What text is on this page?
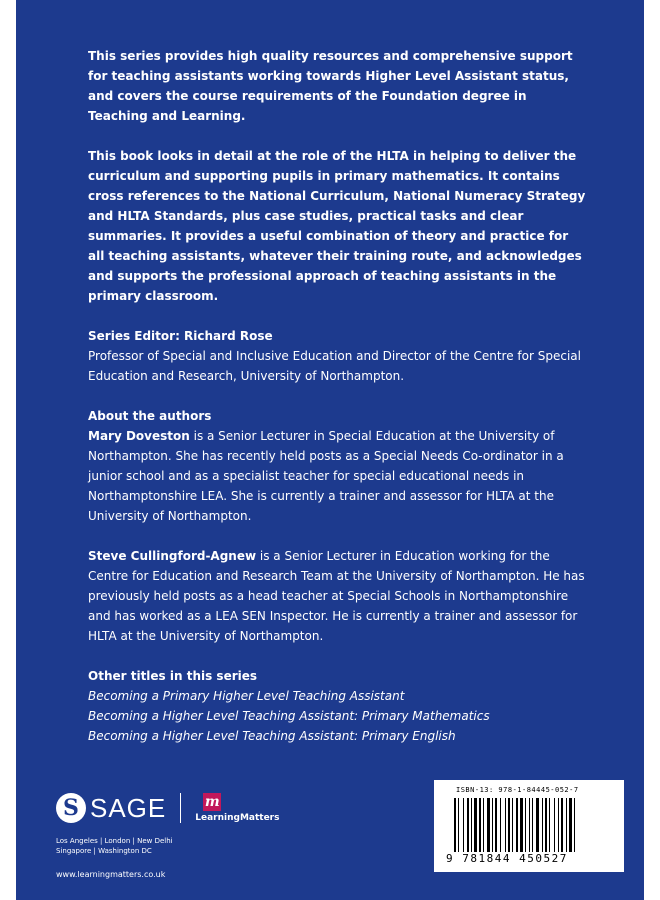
This series provides high quality resources and comprehensive support for teaching assistants working towards Higher Level Assistant status, and covers the course requirements of the Foundation degree in Teaching and Learning.

This book looks in detail at the role of the HLTA in helping to deliver the curriculum and supporting pupils in primary mathematics. It contains cross references to the National Curriculum, National Numeracy Strategy and HLTA Standards, plus case studies, practical tasks and clear summaries. It provides a useful combination of theory and practice for all teaching assistants, whatever their training route, and acknowledges and supports the professional approach of teaching assistants in the primary classroom.

Series Editor: Richard Rose

Professor of Special and Inclusive Education and Director of the Centre for Special Education and Research, University of Northampton.

About the authors

Mary Doveston is a Senior Lecturer in Special Education at the University of Northampton. She has recently held posts as a Special Needs Co-ordinator in a junior school and as a specialist teacher for special educational needs in Northamptonshire LEA. She is currently a trainer and assessor for HLTA at the University of Northampton.

Steve Cullingford-Agnew is a Senior Lecturer in Education working for the Centre for Education and Research Team at the University of Northampton. He has previously held posts as a head teacher at Special Schools in Northamptonshire and has worked as a LEA SEN Inspector. He is currently a trainer and assessor for HLTA at the University of Northampton.

Other titles in this series

Becoming a Primary Higher Level Teaching Assistant

Becoming a Higher Level Teaching Assistant: Primary Mathematics

Becoming a Higher Level Teaching Assistant: Primary English

S SAGE	m
LearningMatters
Los Angeles | London | New Delhi
Singapore | Washington DC
www.learningmatters.co.uk
ISBN-13: 978-1-84445-052-7
9 781844 450527
